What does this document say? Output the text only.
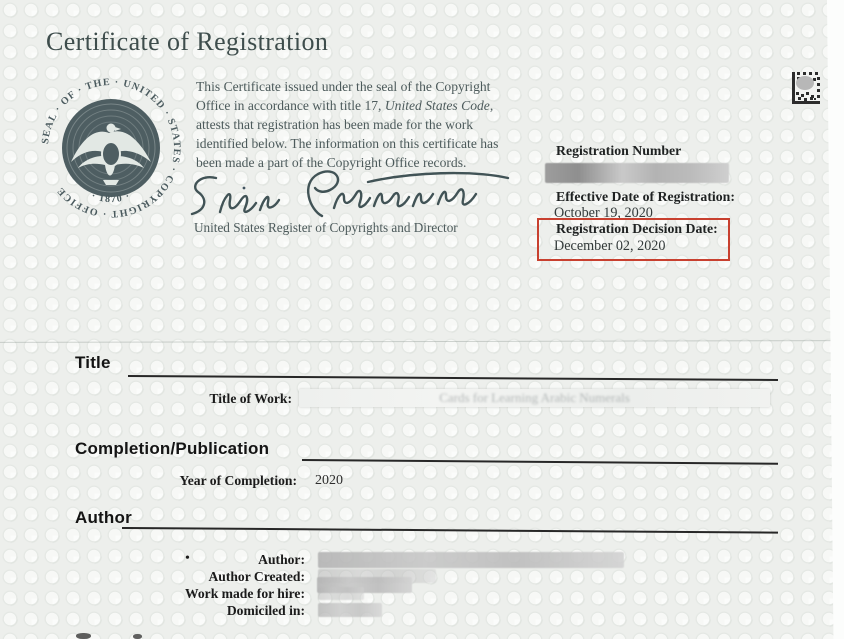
Certificate of Registration
SEAL · OF · THE · UNITED · STATES · COPYRIGHT · OFFICE	· 1870 ·
This Certificate issued under the seal of the Copyright Office in accordance with title 17, United States Code, attests that registration has been made for the work identified below. The information on this certificate has been made a part of the Copyright Office records.
United States Register of Copyrights and Director
Registration Number
Effective Date of Registration:
October 19, 2020
Registration Decision Date:
December 02, 2020
Title
Title of Work:	Cards for Learning Arabic Numerals
Completion/Publication
Year of Completion: 2020
Author
•	Author:
Author Created:
Work made for hire:
Domiciled in:
